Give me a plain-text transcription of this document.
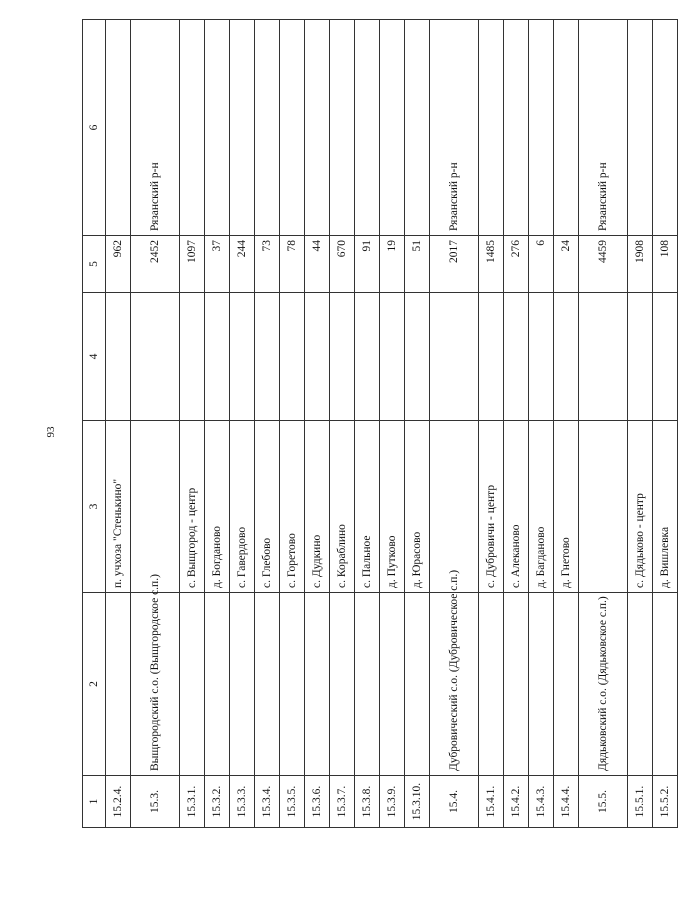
93
1	2	3	4	5	6
15.2.4.		п. учхоза "Стенькино"		962	
15.3.	Выщгородский с.о. (Выщгородское с.п.)			2452	Рязанский р-н
15.3.1.		с. Выщгород - центр		1097	
15.3.2.		д. Богданово		37	
15.3.3.		с. Гавердово		244	
15.3.4.		с. Глебово		73	
15.3.5.		с. Горетово		78	
15.3.6.		с. Дудкино		44	
15.3.7.		с. Кораблино		670	
15.3.8.		с. Пальное		91	
15.3.9.		д. Путково		19	
15.3.10.		д. Юрасово		51	
15.4.	Дубровический с.о. (Дубровическое с.п.)			2017	Рязанский р-н
15.4.1.		с. Дубровичи - центр		1485	
15.4.2.		с. Алеканово		276	
15.4.3.		д. Багданово		6	
15.4.4.		д. Гнетово		24	
15.5.	Дядьковский с.о. (Дядьковское с.п.)			4459	Рязанский р-н
15.5.1.		с. Дядьково - центр		1908	
15.5.2.		д. Вишлевка		108	
